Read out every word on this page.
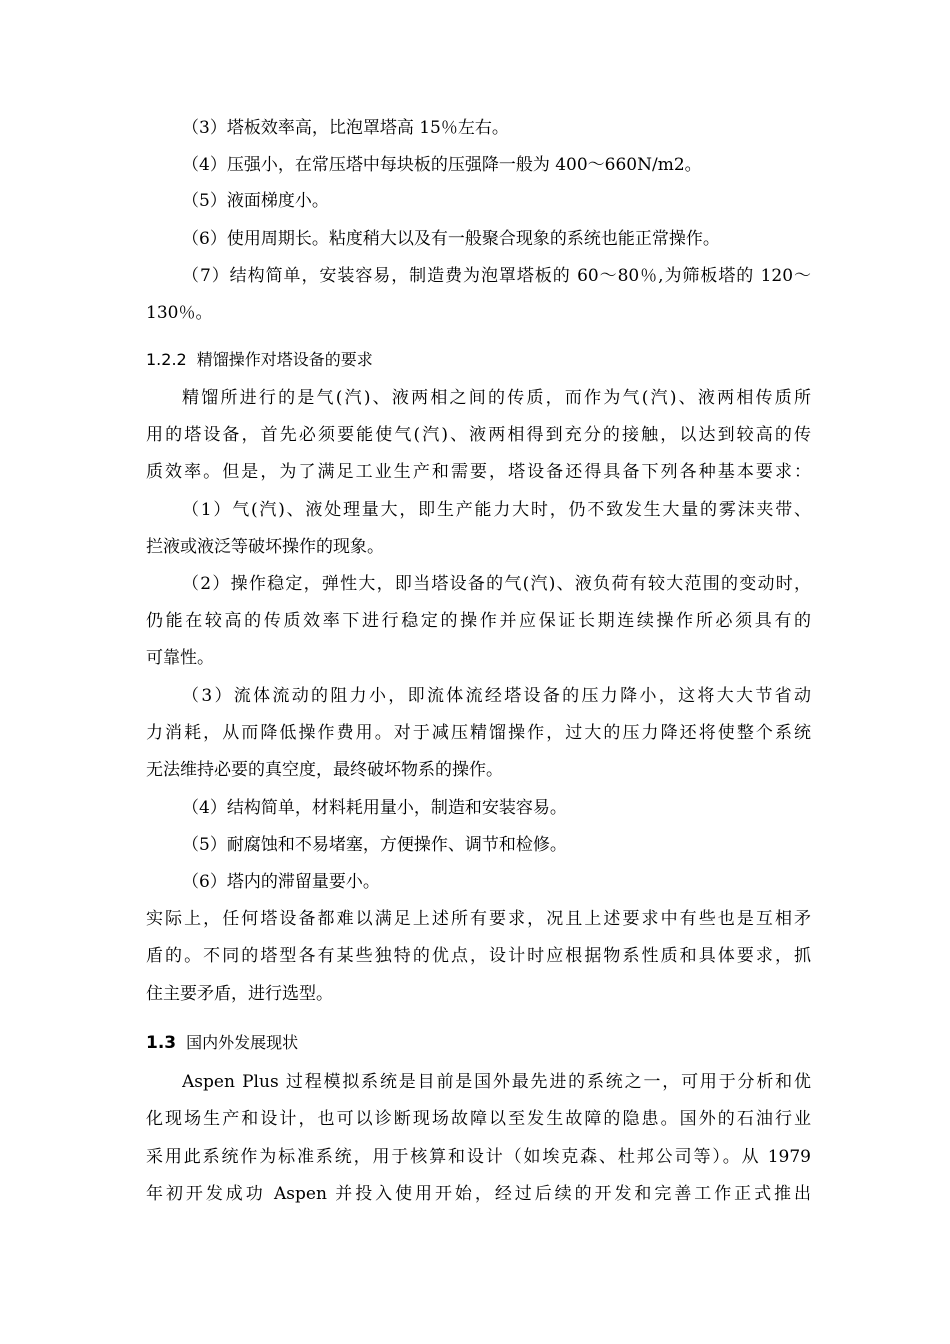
（3）塔板效率高，比泡罩塔高 15％左右。
（4）压强小，在常压塔中每块板的压强降一般为 400～660N/m2。
（5）液面梯度小。
（6）使用周期长。粘度稍大以及有一般聚合现象的系统也能正常操作。
（7）结构简单，安装容易，制造费为泡罩塔板的 60～80％,为筛板塔的 120～
130％。
1.2.2 精馏操作对塔设备的要求
精馏所进行的是气(汽)、液两相之间的传质，而作为气(汽)、液两相传质所
用的塔设备，首先必须要能使气(汽)、液两相得到充分的接触，以达到较高的传
质效率。但是，为了满足工业生产和需要，塔设备还得具备下列各种基本要求：
（1）气(汽)、液处理量大，即生产能力大时，仍不致发生大量的雾沫夹带、
拦液或液泛等破坏操作的现象。
（2）操作稳定，弹性大，即当塔设备的气(汽)、液负荷有较大范围的变动时，
仍能在较高的传质效率下进行稳定的操作并应保证长期连续操作所必须具有的
可靠性。
（3）流体流动的阻力小，即流体流经塔设备的压力降小，这将大大节省动
力消耗，从而降低操作费用。对于减压精馏操作，过大的压力降还将使整个系统
无法维持必要的真空度，最终破坏物系的操作。
（4）结构简单，材料耗用量小，制造和安装容易。
（5）耐腐蚀和不易堵塞，方便操作、调节和检修。
（6）塔内的滞留量要小。
实际上，任何塔设备都难以满足上述所有要求，况且上述要求中有些也是互相矛
盾的。不同的塔型各有某些独特的优点，设计时应根据物系性质和具体要求，抓
住主要矛盾，进行选型。
1.3 国内外发展现状
Aspen Plus 过程模拟系统是目前是国外最先进的系统之一，可用于分析和优
化现场生产和设计，也可以诊断现场故障以至发生故障的隐患。国外的石油行业
采用此系统作为标准系统，用于核算和设计（如埃克森、杜邦公司等）。从 1979
年初开发成功 Aspen 并投入使用开始，经过后续的开发和完善工作正式推出
